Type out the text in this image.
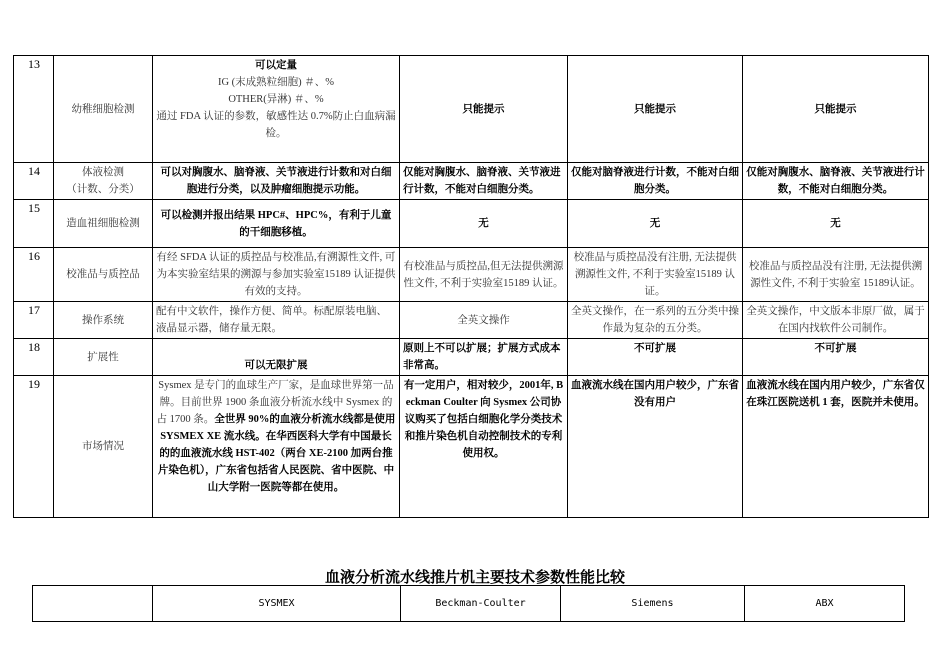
13	幼稚细胞检测	可以定量
IG (末成熟粒细胞) ＃、%
OTHER(异淋) ＃、%
通过 FDA 认证的参数，敏感性达 0.7%防止白血病漏检。	只能提示	只能提示	只能提示
14	体液检测
（计数、分类）	可以对胸腹水、脑脊液、关节液进行计数和对白细胞进行分类，以及肿瘤细胞提示功能。	仅能对胸腹水、脑脊液、关节液进行计数，不能对白细胞分类。	仅能对脑脊液进行计数，不能对白细胞分类。	仅能对胸腹水、脑脊液、关节液进行计数，不能对白细胞分类。
15	造血祖细胞检测	可以检测并报出结果 HPC#、HPC%，有利于儿童的干细胞移植。	无	无	无
16	校准品与质控品	有经 SFDA 认证的质控品与校准品,有溯源性文件, 可为本实验室结果的溯源与参加实验室15189 认证提供有效的支持。	有校准品与质控品,但无法提供溯源性文件, 不利于实验室15189 认证。	校准品与质控品没有注册, 无法提供溯源性文件, 不利于实验室15189 认证。	校准品与质控品没有注册, 无法提供溯源性文件, 不利于实验室 15189认证。
17	操作系统	配有中文软件，操作方便、简单。标配原装电脑、液晶显示器，储存量无限。	全英文操作	全英文操作，在一系列的五分类中操作最为复杂的五分类。	全英文操作，中文版本非原厂做，属于在国内找软件公司制作。
18	扩展性	可以无限扩展	原则上不可以扩展；扩展方式成本非常高。	不可扩展	不可扩展
19	市场情况	Sysmex 是专门的血球生产厂家，是血球世界第一品牌。目前世界 1900 条血液分析流水线中 Sysmex 的占 1700 条。全世界 90%的血液分析流水线都是使用 SYSMEX XE 流水线。在华西医科大学有中国最长的的血液流水线 HST-402（两台 XE-2100 加两台推片染色机），广东省包括省人民医院、省中医院、中山大学附一医院等都在使用。	有一定用户，相对较少，2001年, Beckman Coulter 向 Sysmex 公司协议购买了包括白细胞化学分类技术和推片染色机自动控制技术的专利使用权。	血液流水线在国内用户较少，广东省没有用户	血液流水线在国内用户较少，广东省仅在珠江医院送机 1 套，医院并未使用。
血液分析流水线推片机主要技术参数性能比较
	SYSMEX	Beckman-Coulter	Siemens	ABX
